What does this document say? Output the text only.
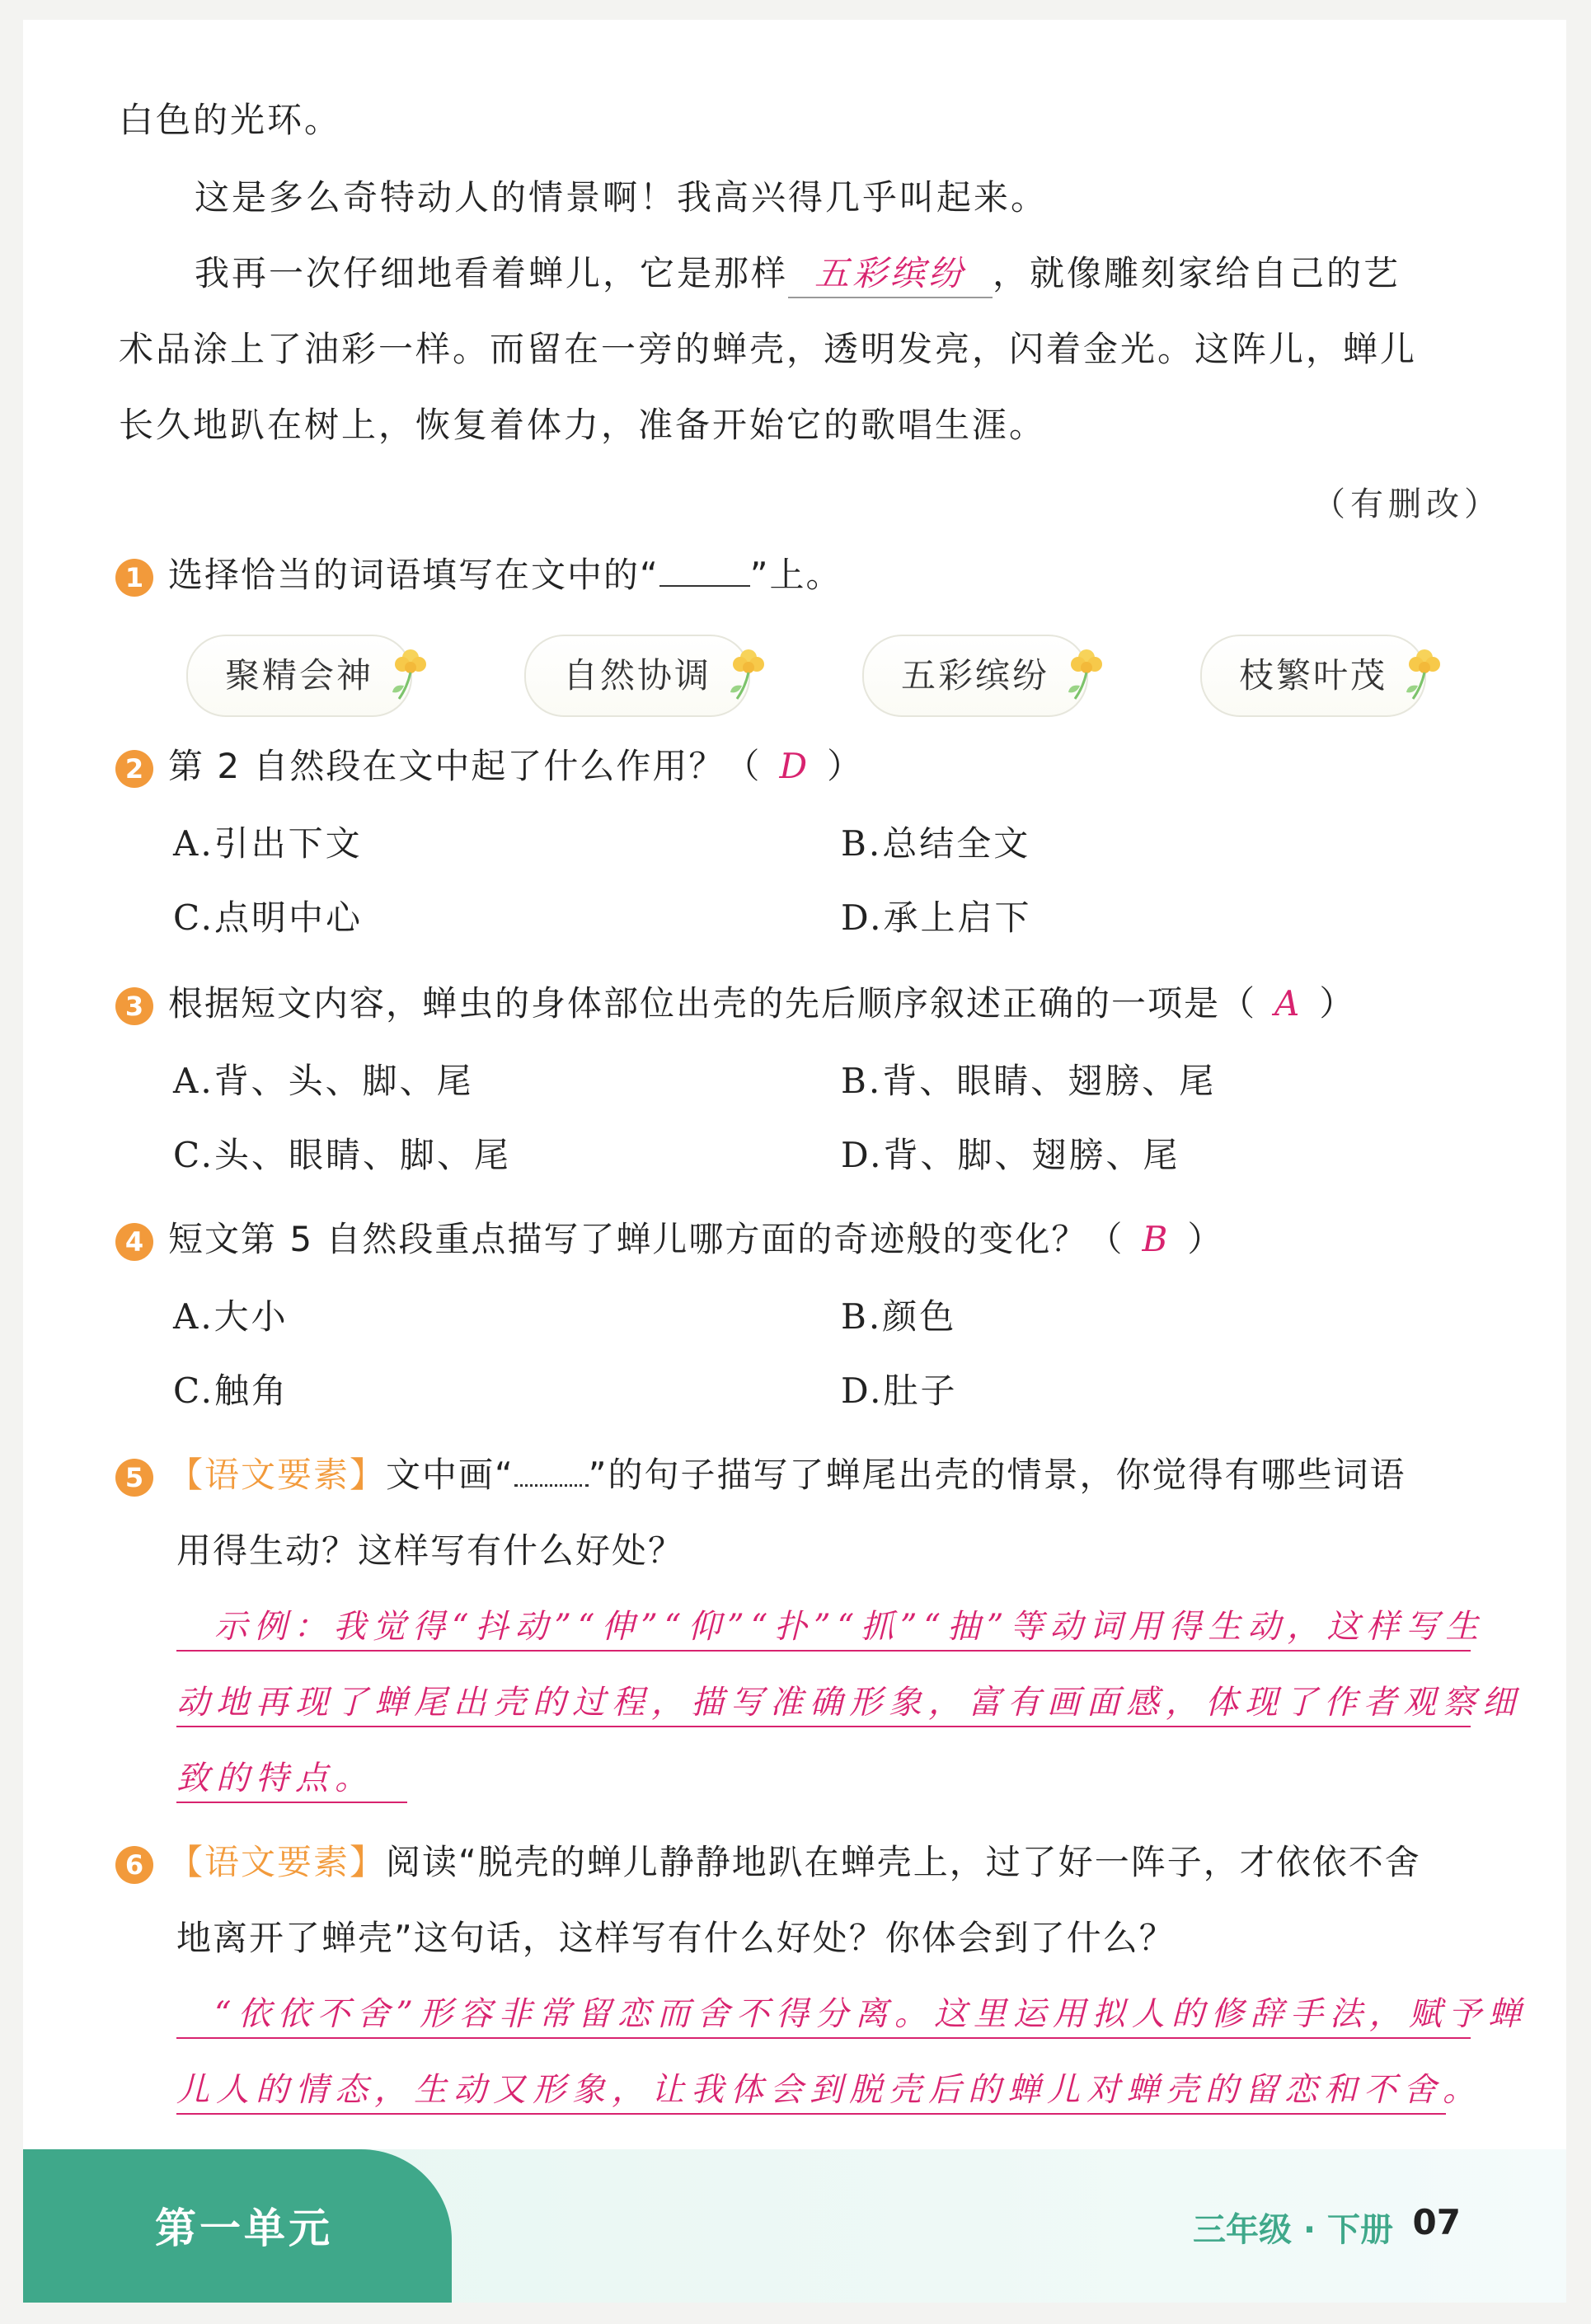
白色的光环。
这是多么奇特动人的情景啊！我高兴得几乎叫起来。
我再一次仔细地看着蝉儿，它是那样 五彩缤纷 ，就像雕刻家给自己的艺
术品涂上了油彩一样。而留在一旁的蝉壳，透明发亮，闪着金光。这阵儿，蝉儿
长久地趴在树上，恢复着体力，准备开始它的歌唱生涯。
（有删改）
1 选择恰当的词语填写在文中的“	”上。
聚精会神	自然协调	五彩缤纷	枝繁叶茂
2 第 2 自然段在文中起了什么作用？（ D ）
A.引出下文	B.总结全文
C.点明中心	D.承上启下
3 根据短文内容，蝉虫的身体部位出壳的先后顺序叙述正确的一项是（ A ）
A.背、头、脚、尾	B.背、眼睛、翅膀、尾
C.头、眼睛、脚、尾	D.背、脚、翅膀、尾
4 短文第 5 自然段重点描写了蝉儿哪方面的奇迹般的变化？（ B ）
A.大小	B.颜色
C.触角	D.肚子
5 【语文要素】文中画“ ”的句子描写了蝉尾出壳的情景，你觉得有哪些词语
用得生动？这样写有什么好处？
示例：我觉得“抖动”“伸”“仰”“扑”“抓”“抽”等动词用得生动，这样写生
动地再现了蝉尾出壳的过程，描写准确形象，富有画面感，体现了作者观察细
致的特点。
6 【语文要素】阅读“脱壳的蝉儿静静地趴在蝉壳上，过了好一阵子，才依依不舍
地离开了蝉壳”这句话，这样写有什么好处？你体会到了什么？
“依依不舍”形容非常留恋而舍不得分离。这里运用拟人的修辞手法，赋予蝉
儿人的情态，生动又形象，让我体会到脱壳后的蝉儿对蝉壳的留恋和不舍。
第一单元	三年级 · 下册 07
